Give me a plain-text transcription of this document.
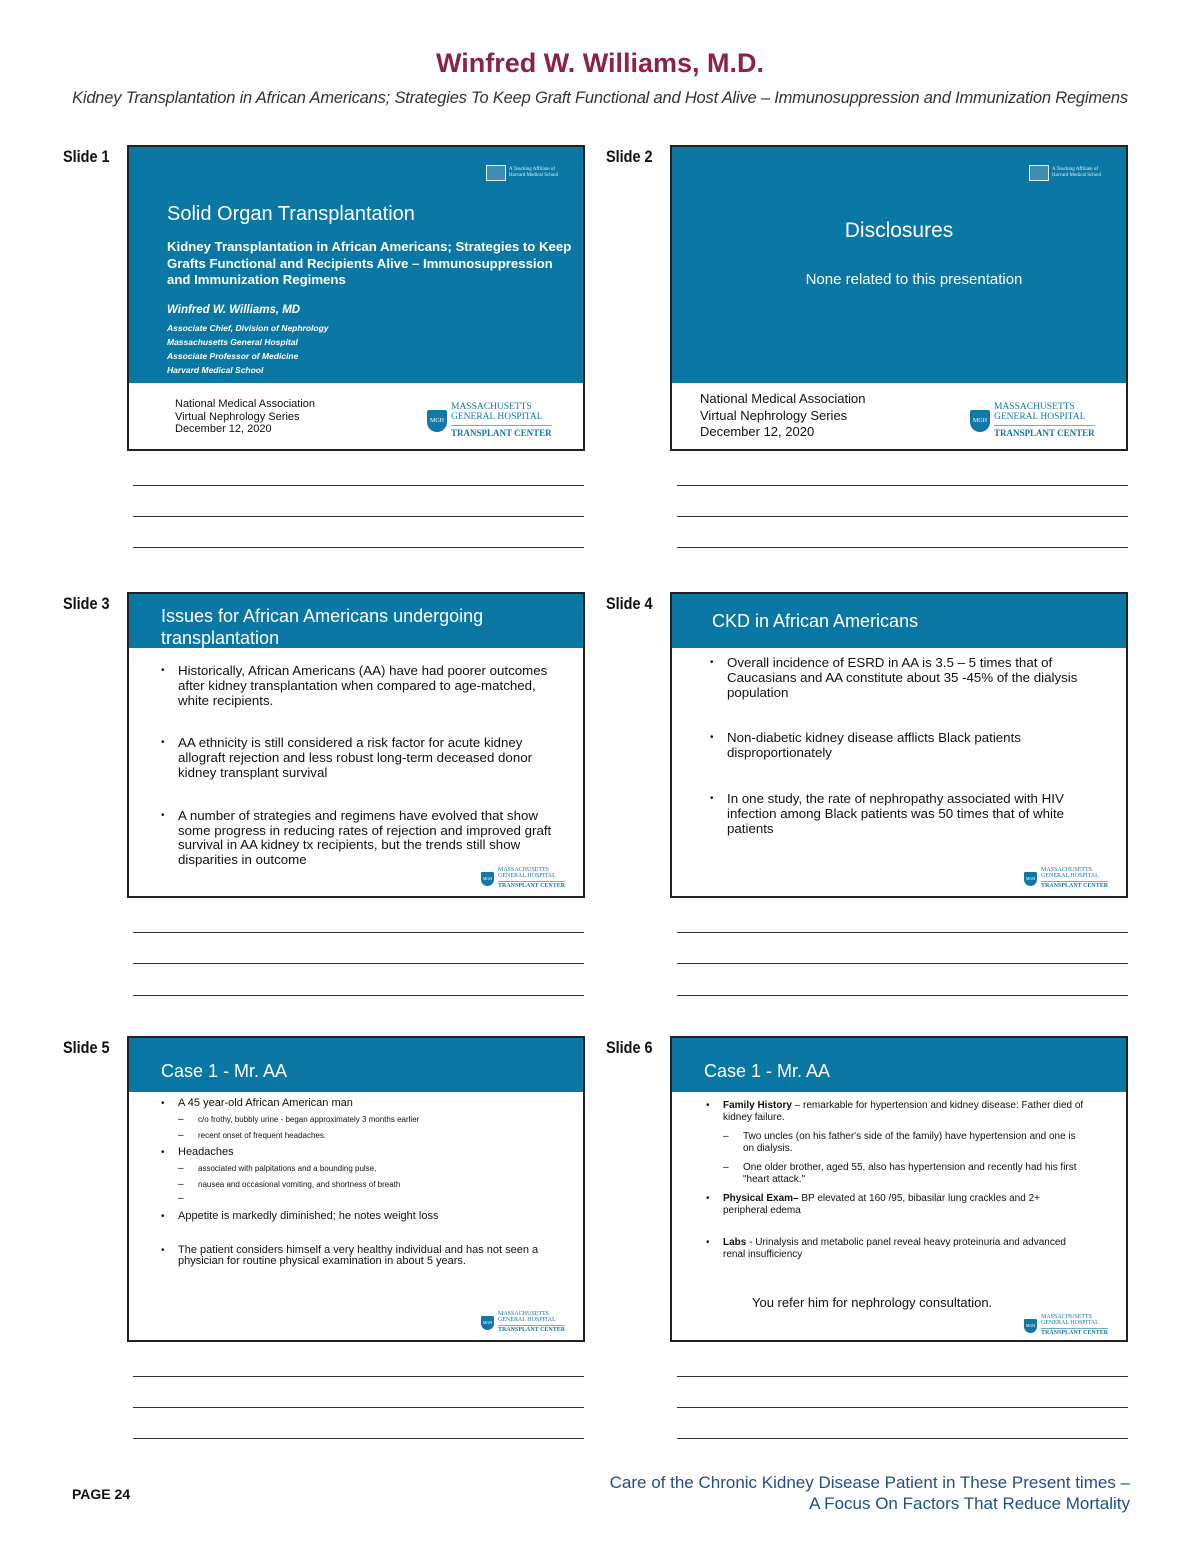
Winfred W. Williams, M.D.
Kidney Transplantation in African Americans; Strategies To Keep Graft Functional and Host Alive – Immunosuppression and Immunization Regimens
Slide 1
A Teaching Affiliate of Harvard Medical School
Solid Organ Transplantation
Kidney Transplantation in African Americans; Strategies to Keep Grafts Functional and Recipients Alive – Immunosuppression and Immunization Regimens
Winfred W. Williams, MD
Associate Chief, Division of Nephrology
Massachusetts General Hospital
Associate Professor of Medicine
Harvard Medical School
National Medical Association
Virtual Nephrology Series
December 12, 2020
MGH
MASSACHUSETTS
GENERAL HOSPITAL
TRANSPLANT CENTER
Slide 2
A Teaching Affiliate of Harvard Medical School
Disclosures
None related to this presentation
National Medical Association
Virtual Nephrology Series
December 12, 2020
MGH
MASSACHUSETTS
GENERAL HOSPITAL
TRANSPLANT CENTER
Slide 3
Issues for African Americans undergoing
transplantation
• Historically, African Americans (AA) have had poorer outcomes after kidney transplantation when compared to age-matched, white recipients.
• AA ethnicity is still considered a risk factor for acute kidney allograft rejection and less robust long-term deceased donor kidney transplant survival
• A number of strategies and regimens have evolved that show some progress in reducing rates of rejection and improved graft survival in AA kidney tx recipients, but the trends still show disparities in outcome
MGH
MASSACHUSETTS
GENERAL HOSPITAL
TRANSPLANT CENTER
Slide 4
CKD in African Americans
• Overall incidence of ESRD in AA is 3.5 – 5 times that of Caucasians and AA constitute about 35 -45% of the dialysis population
• Non-diabetic kidney disease afflicts Black patients disproportionately
• In one study, the rate of nephropathy associated with HIV infection among Black patients was 50 times that of white patients
MGH
MASSACHUSETTS
GENERAL HOSPITAL
TRANSPLANT CENTER
Slide 5
Case 1 - Mr. AA
• A 45 year-old African American man
– c/o frothy, bubbly urine - began approximately 3 months earlier
– recent onset of frequent headaches.
• Headaches
– associated with palpitations and a bounding pulse,
– nausea and occasional vomiting, and shortness of breath
–
• Appetite is markedly diminished; he notes weight loss
• The patient considers himself a very healthy individual and has not seen a physician for routine physical examination in about 5 years.
MGH
MASSACHUSETTS
GENERAL HOSPITAL
TRANSPLANT CENTER
Slide 6
Case 1 - Mr. AA
• Family History – remarkable for hypertension and kidney disease: Father died of kidney failure.
– Two uncles (on his father's side of the family) have hypertension and one is on dialysis.
– One older brother, aged 55, also has hypertension and recently had his first "heart attack."
• Physical Exam– BP elevated at 160 /95, bibasilar lung crackles and 2+ peripheral edema
• Labs - Urinalysis and metabolic panel reveal heavy proteinuria and advanced renal insufficiency
You refer him for nephrology consultation.
MGH
MASSACHUSETTS
GENERAL HOSPITAL
TRANSPLANT CENTER
PAGE 24
Care of the Chronic Kidney Disease Patient in These Present times –
A Focus On Factors That Reduce Mortality
